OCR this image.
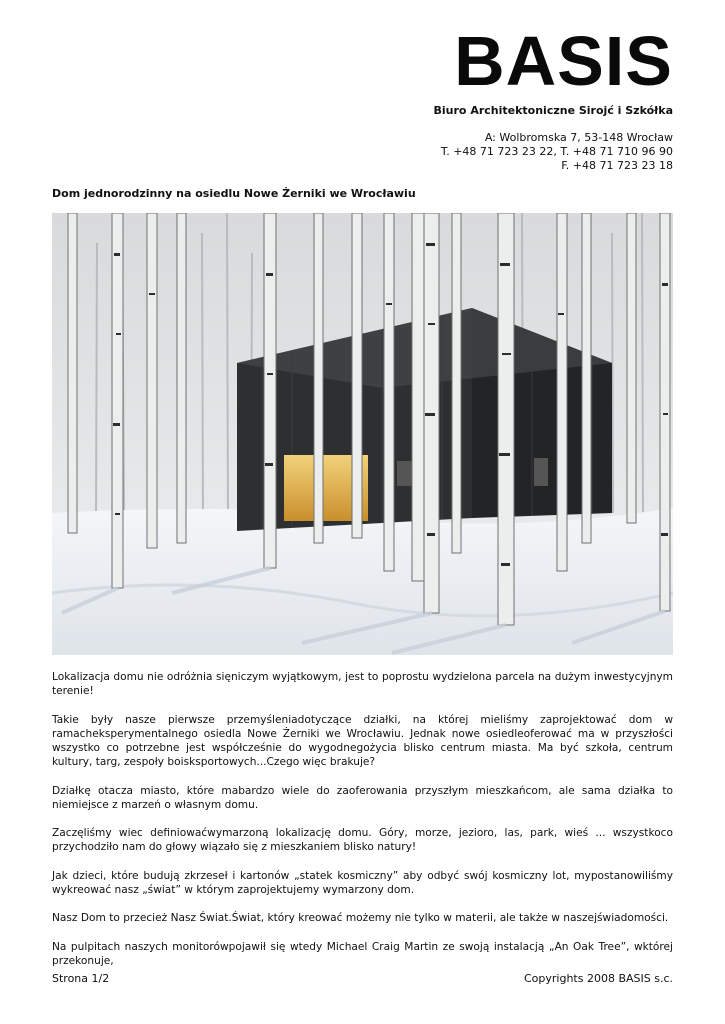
BASIS
Biuro Architektoniczne Sirojć i Szkółka
A: Wolbromska 7, 53-148 Wrocław
T. +48 71 723 23 22, T. +48 71 710 96 90
F. +48 71 723 23 18
Dom jednorodzinny na osiedlu Nowe Żerniki we Wrocławiu

Lokalizacja domu nie odróżnia sięniczym wyjątkowym, jest to poprostu wydzielona parcela na dużym inwestycyjnym terenie!

Takie były nasze pierwsze przemyśleniadotyczące działki, na której mieliśmy zaprojektować dom w ramacheksperymentalnego osiedla Nowe Żerniki we Wrocławiu. Jednak nowe osiedleoferować ma w przyszłości wszystko co potrzebne jest współcześnie do wygodnegożycia blisko centrum miasta. Ma być szkoła, centrum kultury, targ, zespoły boisksportowych...Czego więc brakuje?

Działkę otacza miasto, które mabardzo wiele do zaoferowania przyszłym mieszkańcom, ale sama działka to niemiejsce z marzeń o własnym domu.

Zaczęliśmy wiec definiowaćwymarzoną lokalizację domu. Góry, morze, jezioro, las, park, wieś ... wszystkoco przychodziło nam do głowy wiązało się z mieszkaniem blisko natury!

Jak dzieci, które budują zkrzeseł i kartonów „statek kosmiczny” aby odbyć swój kosmiczny lot, mypostanowiliśmy wykreować nasz „świat” w którym zaprojektujemy wymarzony dom.

Nasz Dom to przecież Nasz Świat.Świat, który kreować możemy nie tylko w materii, ale także w naszejświadomości.

Na pulpitach naszych monitorówpojawił się wtedy Michael Craig Martin ze swoją instalacją „An Oak Tree”, wktórej przekonuje,

Strona 1/2	Copyrights 2008 BASIS s.c.
